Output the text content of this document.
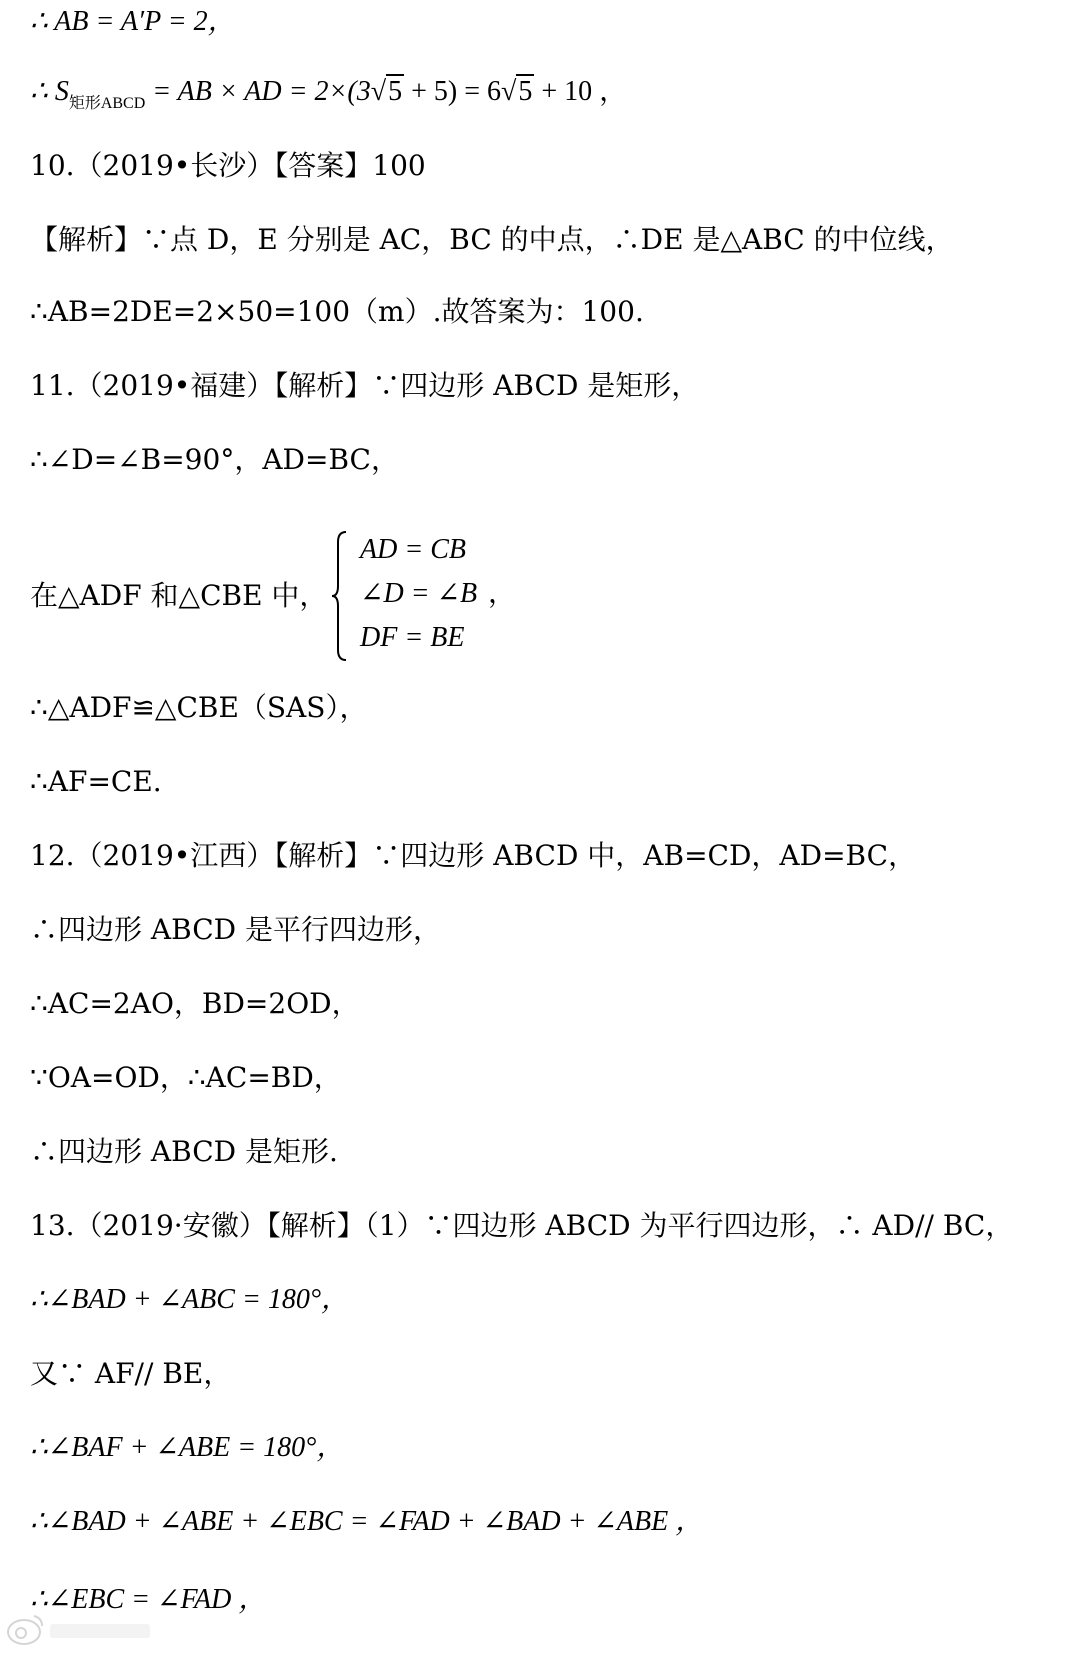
∴ AB = A′P = 2，
∴ $S_{矩形ABCD}$ = AB × AD = 2×(3√5 + 5) = 6√5 + 10 ，
10.（2019•长沙）【答案】100
【解析】∵点 D，E 分别是 AC，BC 的中点，∴DE 是△ABC 的中位线，
∴AB=2DE=2×50=100（m）.故答案为：100.
11.（2019•福建）【解析】∵四边形 ABCD 是矩形，
∴∠D=∠B=90°，AD=BC，
在△ADF 和△CBE 中，
AD = CB
∠D = ∠B
DF = BE
，
∴△ADF≌△CBE（SAS），
∴AF=CE.
12.（2019•江西）【解析】∵四边形 ABCD 中，AB=CD，AD=BC，
∴四边形 ABCD 是平行四边形，
∴AC=2AO，BD=2OD，
∵OA=OD，∴AC=BD，
∴四边形 ABCD 是矩形.
13.（2019·安徽）【解析】（1）∵四边形 ABCD 为平行四边形，∴ AD// BC，
∴∠BAD + ∠ABC = 180°，
又∵ AF// BE，
∴∠BAF + ∠ABE = 180°，
∴∠BAD + ∠ABE + ∠EBC = ∠FAD + ∠BAD + ∠ABE ，
∴∠EBC = ∠FAD ，
